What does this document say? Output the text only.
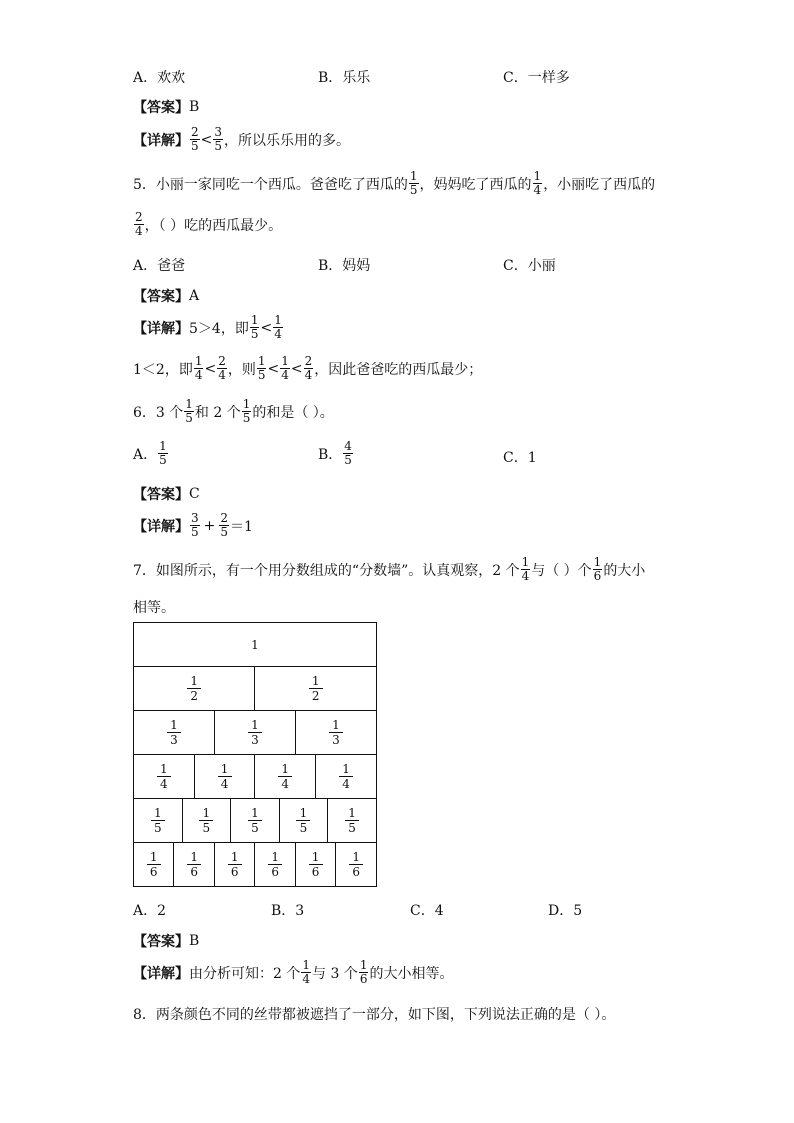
A．欢欢	B．乐乐	C．一样多
【答案】 B
【详解】 $\frac{2}{5} < \frac{3}{5}$ ，所以乐乐用的多。
5．小丽一家同吃一个西瓜。爸爸吃了西瓜的 $\frac{1}{5}$ ，妈妈吃了西瓜的 $\frac{1}{4}$ ，小丽吃了西瓜的
$\frac{2}{4}$ ，（ ）吃的西瓜最少。
A．爸爸	B．妈妈	C．小丽
【答案】 A
【详解】 5＞4，即 $\frac{1}{5} < \frac{1}{4}$
1＜2，即 $\frac{1}{4} < \frac{2}{4}$ ，则 $\frac{1}{5} < \frac{1}{4} < \frac{2}{4}$ ，因此爸爸吃的西瓜最少；
6．3 个 $\frac{1}{5}$ 和 2 个 $\frac{1}{5}$ 的和是（ ）。
A． $\frac{1}{5}$	B． $\frac{4}{5}$	C．1
【答案】 C
【详解】 $\frac{3}{5} + \frac{2}{5} =1$
7．如图所示，有一个用分数组成的“分数墙”。认真观察，2 个 $\frac{1}{4}$ 与（ ）个 $\frac{1}{6}$ 的大小
相等。
1											

$\frac{1}{2}$						$\frac{1}{2}$

$\frac{1}{3}$				$\frac{1}{3}$				$\frac{1}{3}$

$\frac{1}{4}$			$\frac{1}{4}$			$\frac{1}{4}$			$\frac{1}{4}$

$\frac{1}{5}$		$\frac{1}{5}$			$\frac{1}{5}$		$\frac{1}{5}$			$\frac{1}{5}$

$\frac{1}{6}$	$\frac{1}{6}$			$\frac{1}{6}$		$\frac{1}{6}$		$\frac{1}{6}$			$\frac{1}{6}$
A．2	B．3	C．4	D．5
【答案】 B
【详解】 由分析可知：2 个 $\frac{1}{4}$ 与 3 个 $\frac{1}{6}$ 的大小相等。
8．两条颜色不同的丝带都被遮挡了一部分，如下图，下列说法正确的是（ ）。
